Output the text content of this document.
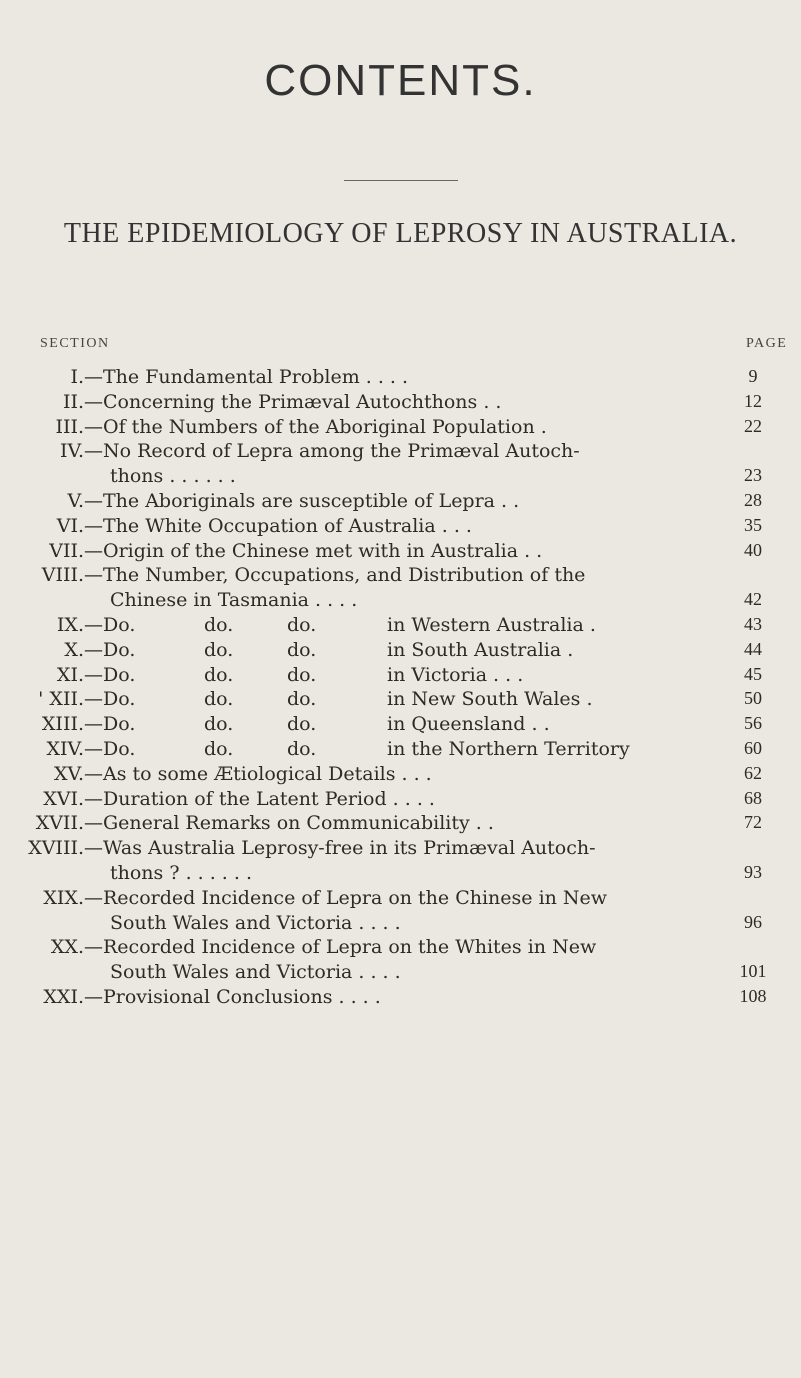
CONTENTS.
THE EPIDEMIOLOGY OF LEPROSY IN AUSTRALIA.
SECTION	PAGE
I. —The Fundamental Problem . . . .	9
II. —Concerning the Primæval Autochthons . .	12
III. —Of the Numbers of the Aboriginal Population .	22
IV. —No Record of Lepra among the Primæval Autoch-
thons . . . . . .	23
V. —The Aboriginals are susceptible of Lepra . .	28
VI. —The White Occupation of Australia . . .	35
VII. —Origin of the Chinese met with in Australia . .	40
VIII. —The Number, Occupations, and Distribution of the
Chinese in Tasmania . . . .	42
IX. —Do.	do.	do.	in Western Australia .	43
X. —Do.	do.	do.	in South Australia .	44
XI. —Do.	do.	do.	in Victoria . . .	45
' XII. —Do.	do.	do.	in New South Wales .	50
XIII. —Do.	do.	do.	in Queensland . .	56
XIV. —Do.	do.	do.	in the Northern Territory	60
XV. —As to some Ætiological Details . . .	62
XVI. —Duration of the Latent Period . . . .	68
XVII. —General Remarks on Communicability . .	72
XVIII. —Was Australia Leprosy-free in its Primæval Autoch-
thons ? . . . . . .	93
XIX. —Recorded Incidence of Lepra on the Chinese in New
South Wales and Victoria . . . .	96
XX. —Recorded Incidence of Lepra on the Whites in New
South Wales and Victoria . . . .	101
XXI. —Provisional Conclusions . . . .	108
